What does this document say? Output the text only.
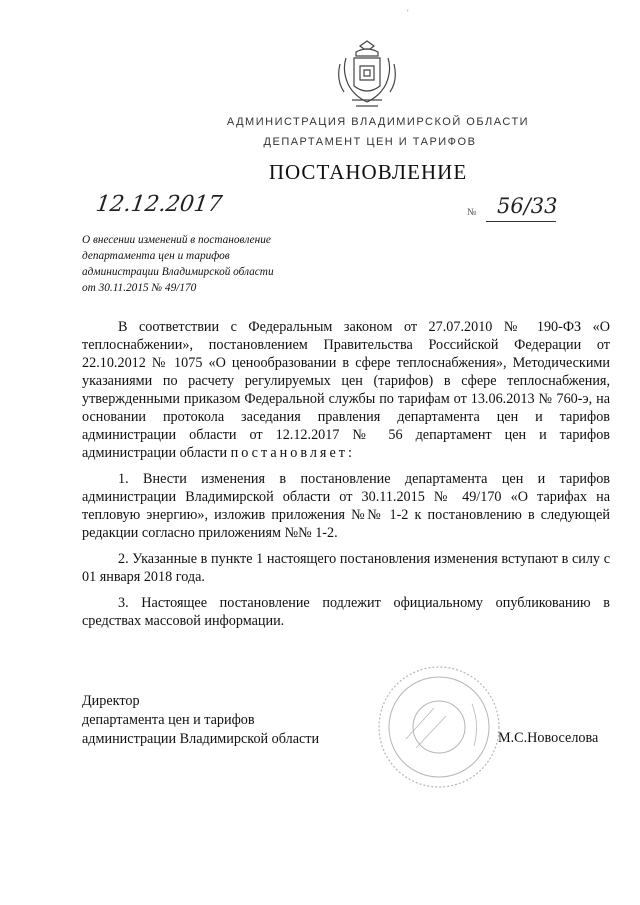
'
АДМИНИСТРАЦИЯ ВЛАДИМИРСКОЙ ОБЛАСТИ
ДЕПАРТАМЕНТ ЦЕН И ТАРИФОВ
ПОСТАНОВЛЕНИЕ
12.12.2017	№ 56/33
О внесении изменений в постановление
департамента цен и тарифов
администрации Владимирской области
от 30.11.2015 № 49/170

В соответствии с Федеральным законом от 27.07.2010 № 190-ФЗ «О теплоснабжении», постановлением Правительства Российской Федерации от 22.10.2012 № 1075 «О ценообразовании в сфере теплоснабжения», Методическими указаниями по расчету регулируемых цен (тарифов) в сфере теплоснабжения, утвержденными приказом Федеральной службы по тарифам от 13.06.2013 № 760-э, на основании протокола заседания правления департамента цен и тарифов администрации области от 12.12.2017 № 56 департамент цен и тарифов администрации области постановляет:

1. Внести изменения в постановление департамента цен и тарифов администрации Владимирской области от 30.11.2015 № 49/170 «О тарифах на тепловую энергию», изложив приложения №№ 1-2 к постановлению в следующей редакции согласно приложениям №№ 1-2.

2. Указанные в пункте 1 настоящего постановления изменения вступают в силу с 01 января 2018 года.

3. Настоящее постановление подлежит официальному опубликованию в средствах массовой информации.

Директор
департамента цен и тарифов
администрации Владимирской области	М.С.Новоселова
